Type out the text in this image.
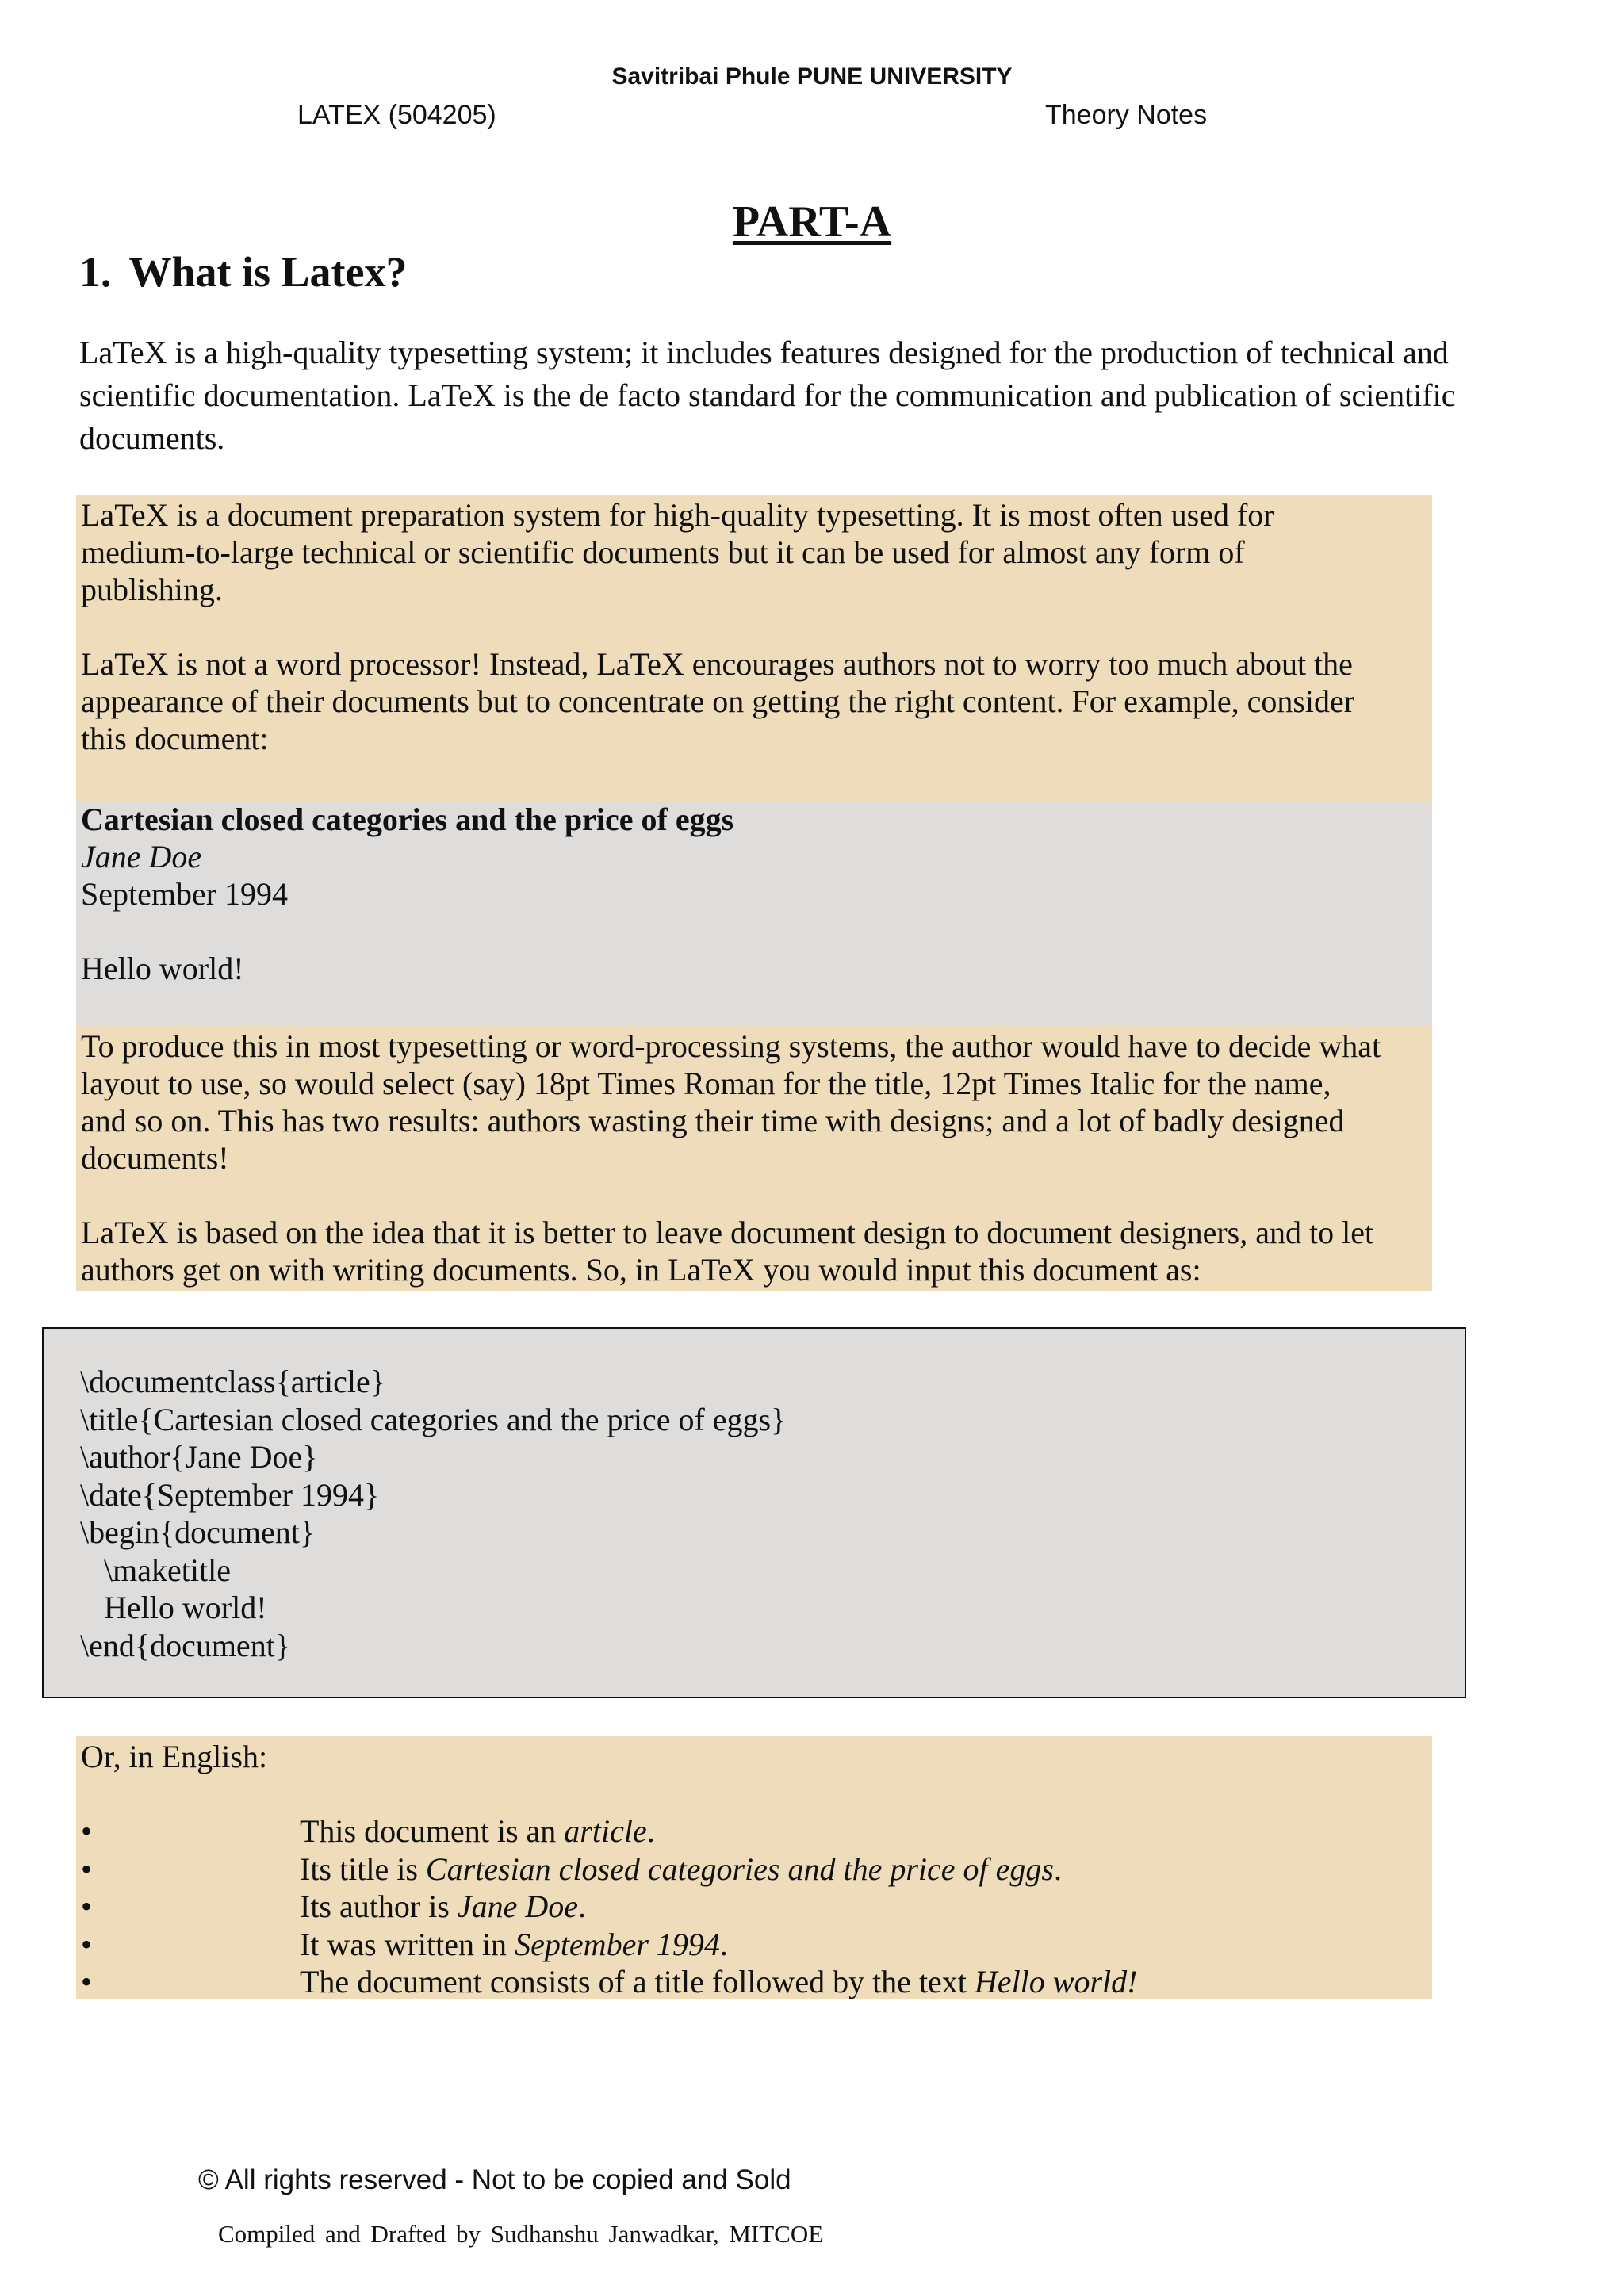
Savitribai Phule PUNE UNIVERSITY
LATEX (504205)	Theory Notes
PART-A
1. What is Latex?
LaTeX is a high-quality typesetting system; it includes features designed for the production of technical and scientific documentation. LaTeX is the de facto standard for the communication and publication of scientific documents.

LaTeX is a document preparation system for high-quality typesetting. It is most often used for
medium-to-large technical or scientific documents but it can be used for almost any form of
publishing.

LaTeX is not a word processor! Instead, LaTeX encourages authors not to worry too much about the
appearance of their documents but to concentrate on getting the right content. For example, consider
this document:

Cartesian closed categories and the price of eggs

Jane Doe

September 1994

Hello world!

To produce this in most typesetting or word-processing systems, the author would have to decide what
layout to use, so would select (say) 18pt Times Roman for the title, 12pt Times Italic for the name,
and so on. This has two results: authors wasting their time with designs; and a lot of badly designed
documents!

LaTeX is based on the idea that it is better to leave document design to document designers, and to let
authors get on with writing documents. So, in LaTeX you would input this document as:

\documentclass{article}
\title{Cartesian closed categories and the price of eggs}
\author{Jane Doe}
\date{September 1994}
\begin{document}
\maketitle
Hello world!
\end{document}

Or, in English:

•	This document is an article.
•	Its title is Cartesian closed categories and the price of eggs.
•	Its author is Jane Doe.
•	It was written in September 1994.
•	The document consists of a title followed by the text Hello world!
© All rights reserved - Not to be copied and Sold
Compiled and Drafted by Sudhanshu Janwadkar, MITCOE
